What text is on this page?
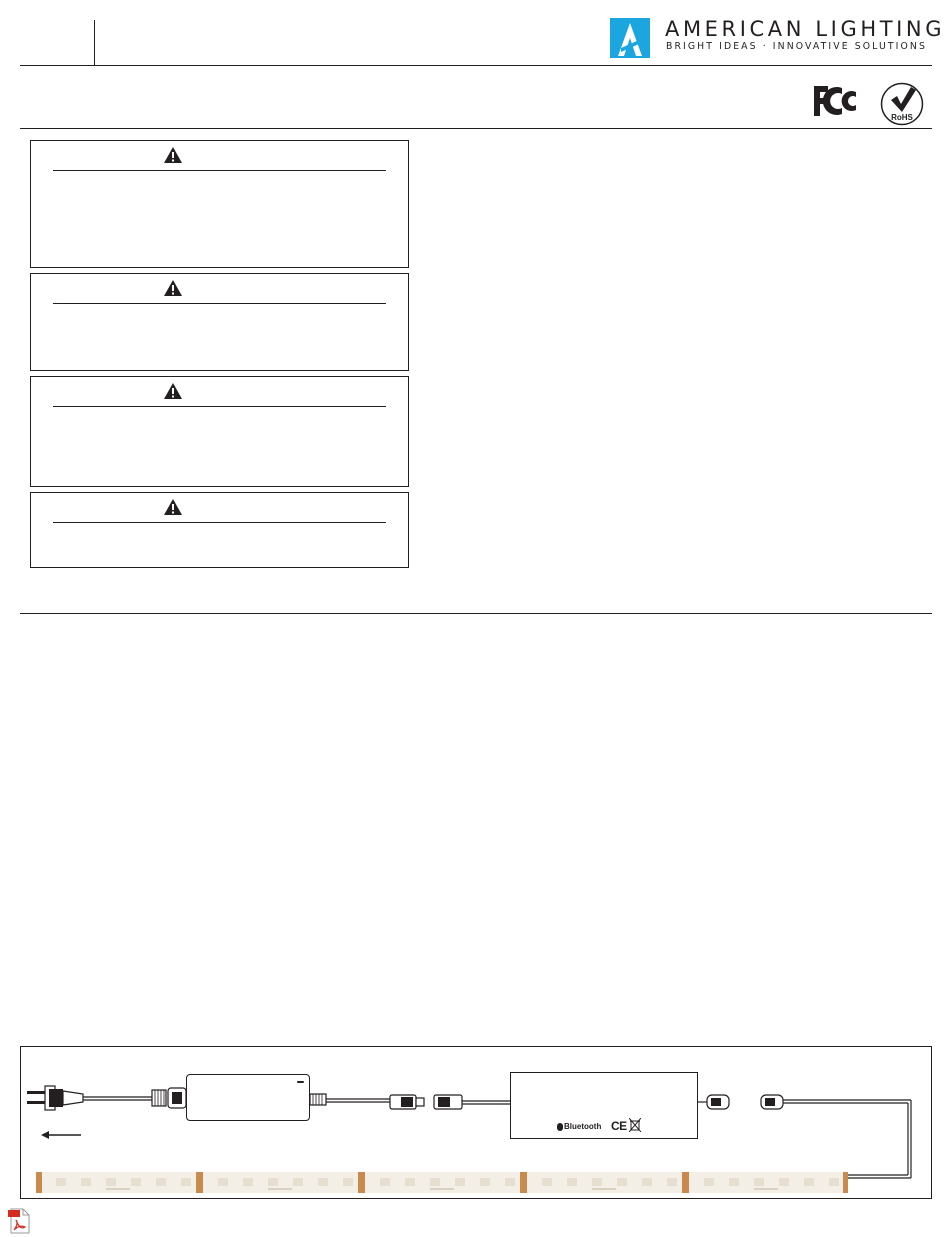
AMERICAN LIGHTING
BRIGHT IDEAS · INNOVATIVE SOLUTIONS
RoHS
Bluetooth CE
